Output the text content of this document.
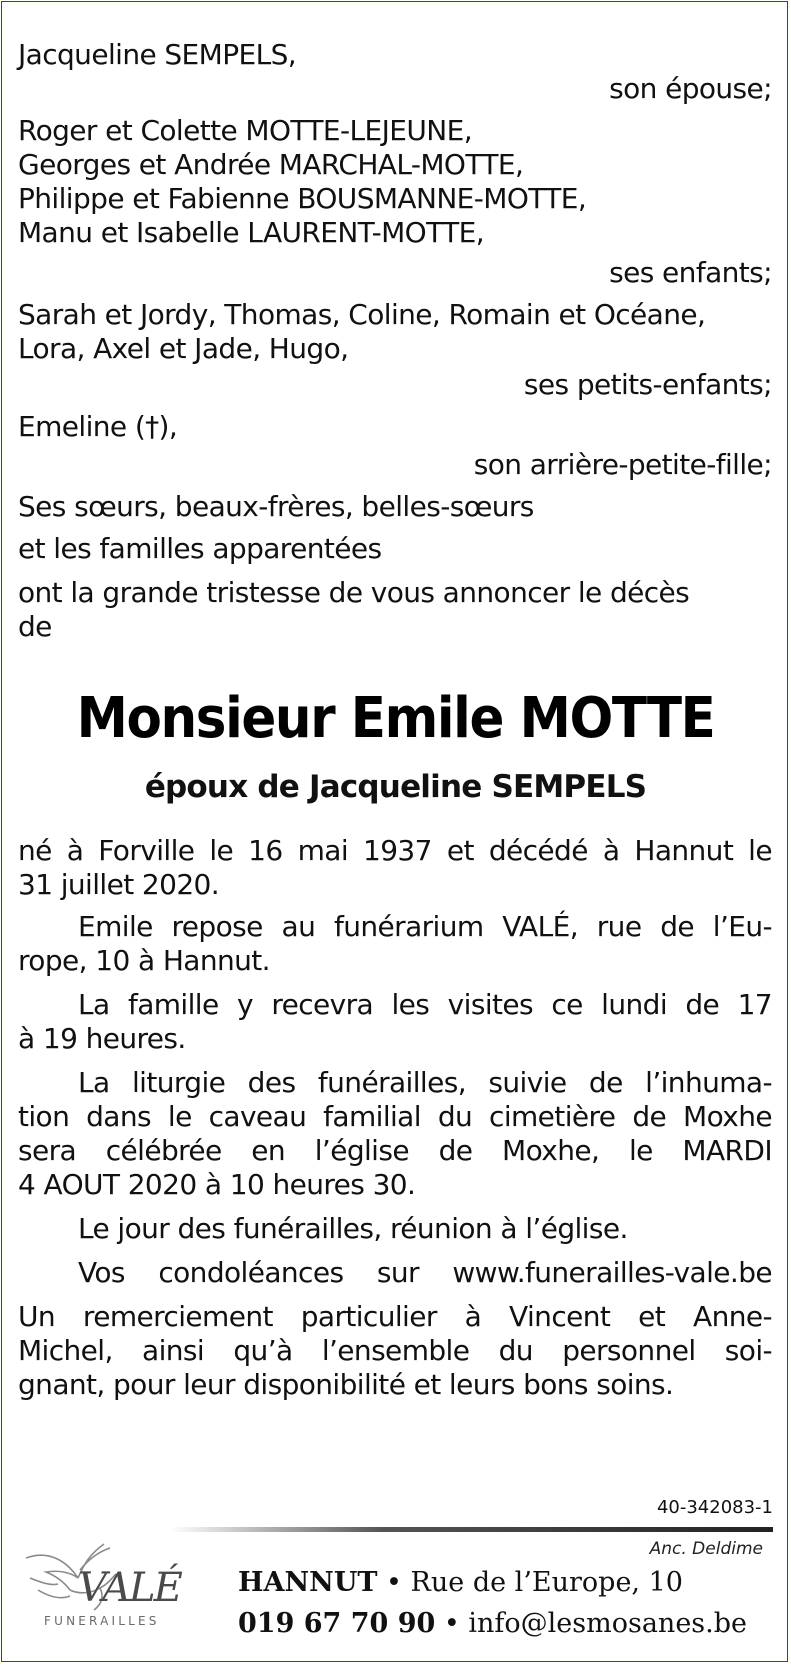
Jacqueline SEMPELS,
son épouse;
Roger et Colette MOTTE-LEJEUNE,
Georges et Andrée MARCHAL-MOTTE,
Philippe et Fabienne BOUSMANNE-MOTTE,
Manu et Isabelle LAURENT-MOTTE,
ses enfants;
Sarah et Jordy, Thomas, Coline, Romain et Océane,
Lora, Axel et Jade, Hugo,
ses petits-enfants;
Emeline (†),
son arrière-petite-fille;
Ses sœurs, beaux-frères, belles-sœurs
et les familles apparentées
ont la grande tristesse de vous annoncer le décès
de
Monsieur Emile MOTTE
époux de Jacqueline SEMPELS
né à Forville le 16 mai 1937 et décédé à Hannut le
31 juillet 2020.
Emile repose au funérarium VALÉ, rue de l’Eu-
rope, 10 à Hannut.
La famille y recevra les visites ce lundi de 17
à 19 heures.
La liturgie des funérailles, suivie de l’inhuma-
tion dans le caveau familial du cimetière de Moxhe
sera célébrée en l’église de Moxhe, le MARDI
4 AOUT 2020 à 10 heures 30.
Le jour des funérailles, réunion à l’église.
Vos condoléances sur www.funerailles-vale.be
Un remerciement particulier à Vincent et Anne-
Michel, ainsi qu’à l’ensemble du personnel soi-
gnant, pour leur disponibilité et leurs bons soins.
40-342083-1
Anc. Deldime
VALÉ
FUNERAILLES
HANNUT • Rue de l’Europe, 10
019 67 70 90 • info@lesmosanes.be
